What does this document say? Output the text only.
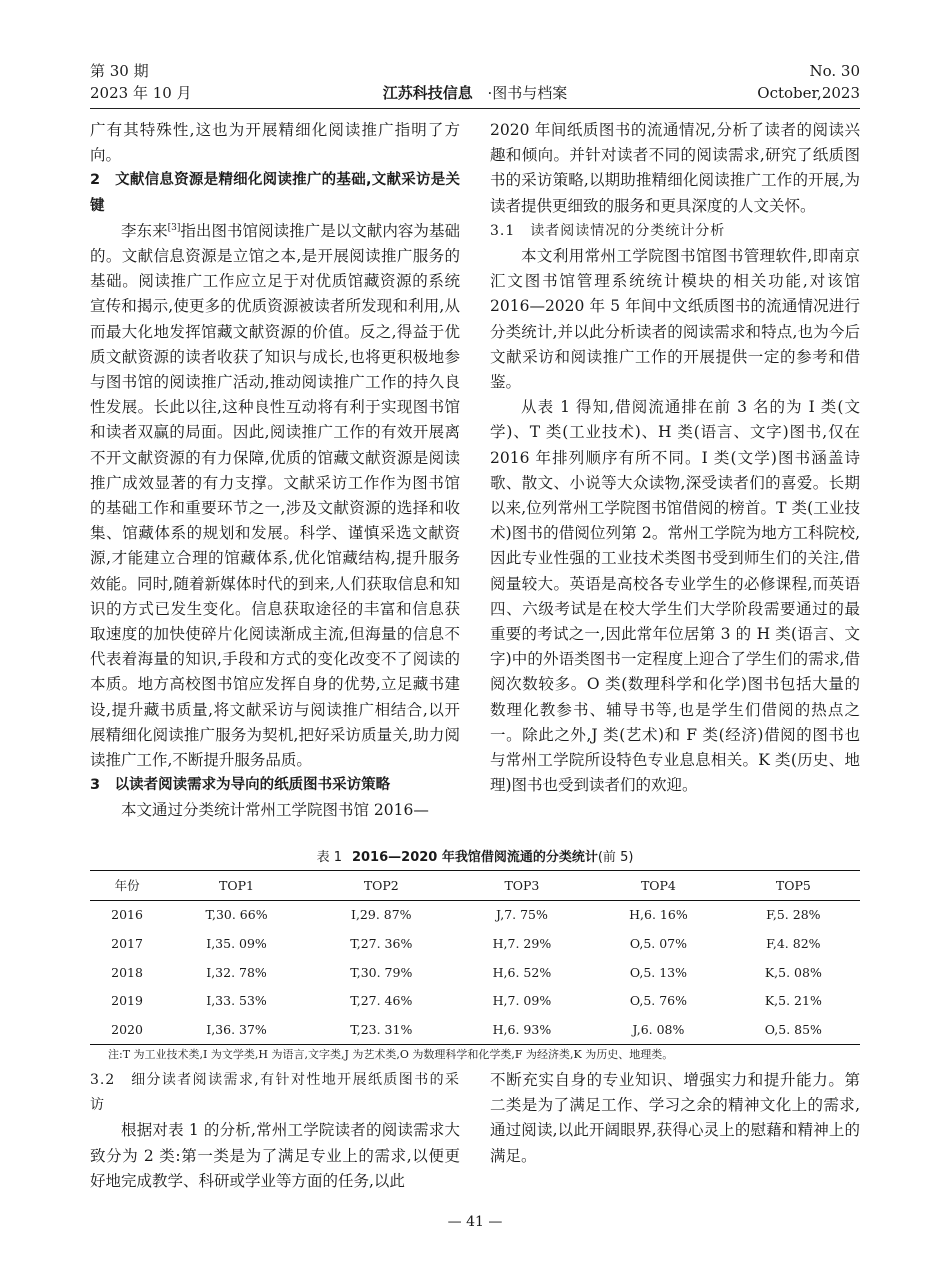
第 30 期
2023 年 10 月	江苏科技信息 ·图书与档案
No. 30
October,2023

广有其特殊性,这也为开展精细化阅读推广指明了方向。

2　文献信息资源是精细化阅读推广的基础,文献采访是关键

李东来[3]指出图书馆阅读推广是以文献内容为基础的。文献信息资源是立馆之本,是开展阅读推广服务的基础。阅读推广工作应立足于对优质馆藏资源的系统宣传和揭示,使更多的优质资源被读者所发现和利用,从而最大化地发挥馆藏文献资源的价值。反之,得益于优质文献资源的读者收获了知识与成长,也将更积极地参与图书馆的阅读推广活动,推动阅读推广工作的持久良性发展。长此以往,这种良性互动将有利于实现图书馆和读者双赢的局面。因此,阅读推广工作的有效开展离不开文献资源的有力保障,优质的馆藏文献资源是阅读推广成效显著的有力支撑。文献采访工作作为图书馆的基础工作和重要环节之一,涉及文献资源的选择和收集、馆藏体系的规划和发展。科学、谨慎采选文献资源,才能建立合理的馆藏体系,优化馆藏结构,提升服务效能。同时,随着新媒体时代的到来,人们获取信息和知识的方式已发生变化。信息获取途径的丰富和信息获取速度的加快使碎片化阅读渐成主流,但海量的信息不代表着海量的知识,手段和方式的变化改变不了阅读的本质。地方高校图书馆应发挥自身的优势,立足藏书建设,提升藏书质量,将文献采访与阅读推广相结合,以开展精细化阅读推广服务为契机,把好采访质量关,助力阅读推广工作,不断提升服务品质。

3　以读者阅读需求为导向的纸质图书采访策略

本文通过分类统计常州工学院图书馆 2016—

2020 年间纸质图书的流通情况,分析了读者的阅读兴趣和倾向。并针对读者不同的阅读需求,研究了纸质图书的采访策略,以期助推精细化阅读推广工作的开展,为读者提供更细致的服务和更具深度的人文关怀。

3.1　读者阅读情况的分类统计分析

本文利用常州工学院图书馆图书管理软件,即南京汇文图书馆管理系统统计模块的相关功能,对该馆 2016—2020 年 5 年间中文纸质图书的流通情况进行分类统计,并以此分析读者的阅读需求和特点,也为今后文献采访和阅读推广工作的开展提供一定的参考和借鉴。

从表 1 得知,借阅流通排在前 3 名的为 I 类(文学)、T 类(工业技术)、H 类(语言、文字)图书,仅在 2016 年排列顺序有所不同。I 类(文学)图书涵盖诗歌、散文、小说等大众读物,深受读者们的喜爱。长期以来,位列常州工学院图书馆借阅的榜首。T 类(工业技术)图书的借阅位列第 2。常州工学院为地方工科院校,因此专业性强的工业技术类图书受到师生们的关注,借阅量较大。英语是高校各专业学生的必修课程,而英语四、六级考试是在校大学生们大学阶段需要通过的最重要的考试之一,因此常年位居第 3 的 H 类(语言、文字)中的外语类图书一定程度上迎合了学生们的需求,借阅次数较多。O 类(数理科学和化学)图书包括大量的数理化教参书、辅导书等,也是学生们借阅的热点之一。除此之外,J 类(艺术)和 F 类(经济)借阅的图书也与常州工学院所设特色专业息息相关。K 类(历史、地理)图书也受到读者们的欢迎。

表 1 2016—2020 年我馆借阅流通的分类统计(前 5)
年份	TOP1	TOP2	TOP3	TOP4	TOP5
2016	T,30. 66%	I,29. 87%	J,7. 75%	H,6. 16%	F,5. 28%
2017	I,35. 09%	T,27. 36%	H,7. 29%	O,5. 07%	F,4. 82%
2018	I,32. 78%	T,30. 79%	H,6. 52%	O,5. 13%	K,5. 08%
2019	I,33. 53%	T,27. 46%	H,7. 09%	O,5. 76%	K,5. 21%
2020	I,36. 37%	T,23. 31%	H,6. 93%	J,6. 08%	O,5. 85%
注:T 为工业技术类,I 为文学类,H 为语言,文字类,J 为艺术类,O 为数理科学和化学类,F 为经济类,K 为历史、地理类。

3.2　细分读者阅读需求,有针对性地开展纸质图书的采访

根据对表 1 的分析,常州工学院读者的阅读需求大致分为 2 类:第一类是为了满足专业上的需求,以便更好地完成教学、科研或学业等方面的任务,以此

不断充实自身的专业知识、增强实力和提升能力。第二类是为了满足工作、学习之余的精神文化上的需求,通过阅读,以此开阔眼界,获得心灵上的慰藉和精神上的满足。

— 41 —
